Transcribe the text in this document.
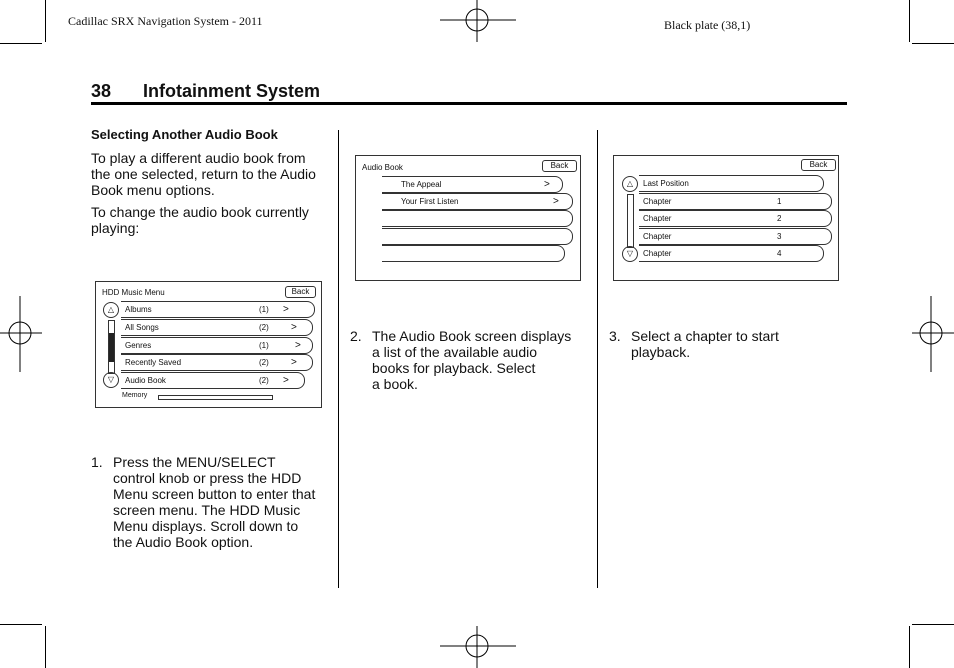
Cadillac SRX Navigation System - 2011	Black plate (38,1)
38 Infotainment System
Selecting Another Audio Book
To play a different audio book from
the one selected, return to the Audio
Book menu options.
To change the audio book currently
playing:
HDD Music Menu	Back
△
▽
Albums	(1) >
All Songs	(2) >
Genres	(1)	>
Recently Saved	(2) >
Audio Book	(2) >
Memory
1. Press the MENU/SELECT
control knob or press the HDD
Menu screen button to enter that
screen menu. The HDD Music
Menu displays. Scroll down to
the Audio Book option.
Audio Book	Back
The Appeal	>
Your First Listen	>
2. The Audio Book screen displays
a list of the available audio
books for playback. Select
a book.
Back
△
▽
Last Position
Chapter	1
Chapter	2
Chapter	3
Chapter	4
3. Select a chapter to start
playback.
